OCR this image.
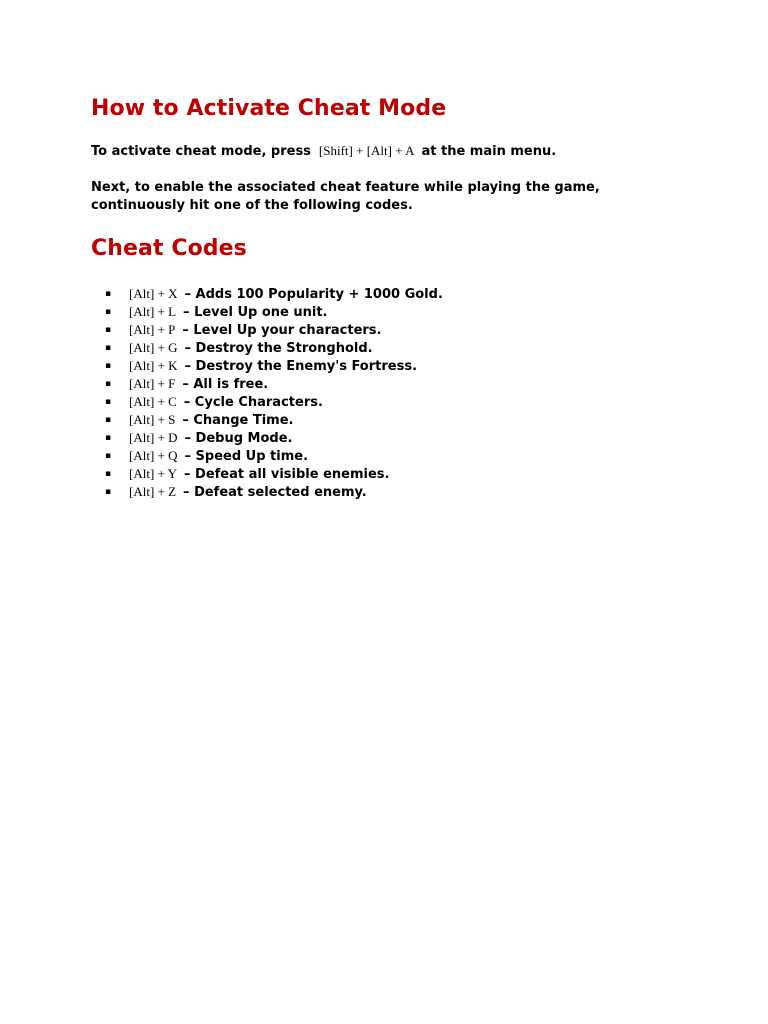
How to Activate Cheat Mode

To activate cheat mode, press [Shift] + [Alt] + A at the main menu.

Next, to enable the associated cheat feature while playing the game,
continuously hit one of the following codes.

Cheat Codes
▪ [Alt] + X – Adds 100 Popularity + 1000 Gold.
▪ [Alt] + L – Level Up one unit.
▪ [Alt] + P – Level Up your characters.
▪ [Alt] + G – Destroy the Stronghold.
▪ [Alt] + K – Destroy the Enemy's Fortress.
▪ [Alt] + F – All is free.
▪ [Alt] + C – Cycle Characters.
▪ [Alt] + S – Change Time.
▪ [Alt] + D – Debug Mode.
▪ [Alt] + Q – Speed Up time.
▪ [Alt] + Y – Defeat all visible enemies.
▪ [Alt] + Z – Defeat selected enemy.
